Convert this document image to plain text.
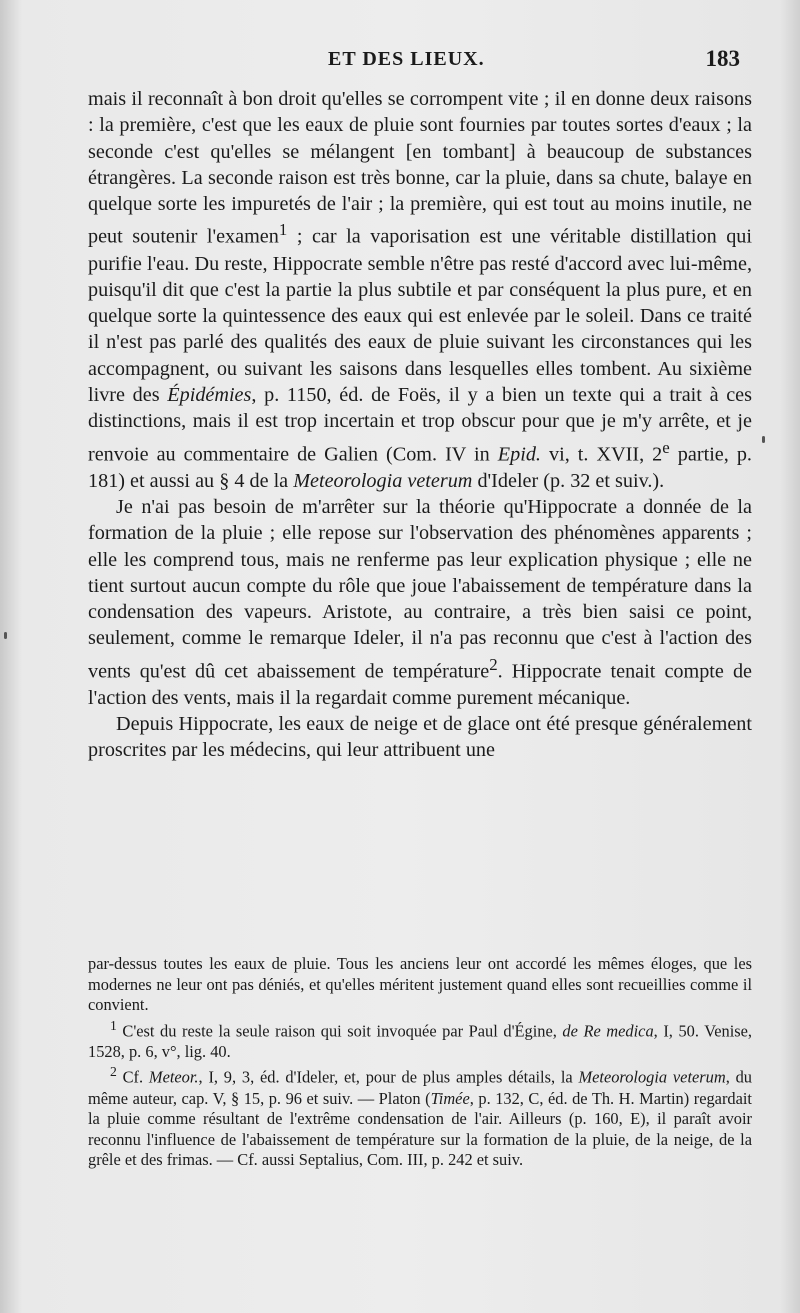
ET DES LIEUX.	183

mais il reconnaît à bon droit qu'elles se corrompent vite ; il en donne deux raisons : la première, c'est que les eaux de pluie sont fournies par toutes sortes d'eaux ; la seconde c'est qu'elles se mélangent [en tombant] à beaucoup de substances étrangères. La seconde raison est très bonne, car la pluie, dans sa chute, balaye en quelque sorte les impuretés de l'air ; la première, qui est tout au moins inutile, ne peut soutenir l'examen$^1$ ; car la vaporisation est une véritable distillation qui purifie l'eau. Du reste, Hippocrate semble n'être pas resté d'accord avec lui-même, puisqu'il dit que c'est la partie la plus subtile et par conséquent la plus pure, et en quelque sorte la quintessence des eaux qui est enlevée par le soleil. Dans ce traité il n'est pas parlé des qualités des eaux de pluie suivant les circonstances qui les accompagnent, ou suivant les saisons dans lesquelles elles tombent. Au sixième livre des Épidémies, p. 1150, éd. de Foës, il y a bien un texte qui a trait à ces distinctions, mais il est trop incertain et trop obscur pour que je m'y arrête, et je renvoie au commentaire de Galien (Com. IV in Epid. vi, t. XVII, 2e partie, p. 181) et aussi au § 4 de la Meteorologia veterum d'Ideler (p. 32 et suiv.).

Je n'ai pas besoin de m'arrêter sur la théorie qu'Hippocrate a donnée de la formation de la pluie ; elle repose sur l'observation des phénomènes apparents ; elle les comprend tous, mais ne renferme pas leur explication physique ; elle ne tient surtout aucun compte du rôle que joue l'abaissement de température dans la condensation des vapeurs. Aristote, au contraire, a très bien saisi ce point, seulement, comme le remarque Ideler, il n'a pas reconnu que c'est à l'action des vents qu'est dû cet abaissement de température$^2$. Hippocrate tenait compte de l'action des vents, mais il la regardait comme purement mécanique.

Depuis Hippocrate, les eaux de neige et de glace ont été presque généralement proscrites par les médecins, qui leur attribuent une

par-dessus toutes les eaux de pluie. Tous les anciens leur ont accordé les mêmes éloges, que les modernes ne leur ont pas déniés, et qu'elles méritent justement quand elles sont recueillies comme il convient.

$^1$ C'est du reste la seule raison qui soit invoquée par Paul d'Égine, de Re medica, I, 50. Venise, 1528, p. 6, v°, lig. 40.

$^2$ Cf. Meteor., I, 9, 3, éd. d'Ideler, et, pour de plus amples détails, la Meteorologia veterum, du même auteur, cap. V, § 15, p. 96 et suiv. — Platon (Timée, p. 132, C, éd. de Th. H. Martin) regardait la pluie comme résultant de l'extrême condensation de l'air. Ailleurs (p. 160, E), il paraît avoir reconnu l'influence de l'abaissement de température sur la formation de la pluie, de la neige, de la grêle et des frimas. — Cf. aussi Septalius, Com. III, p. 242 et suiv.
